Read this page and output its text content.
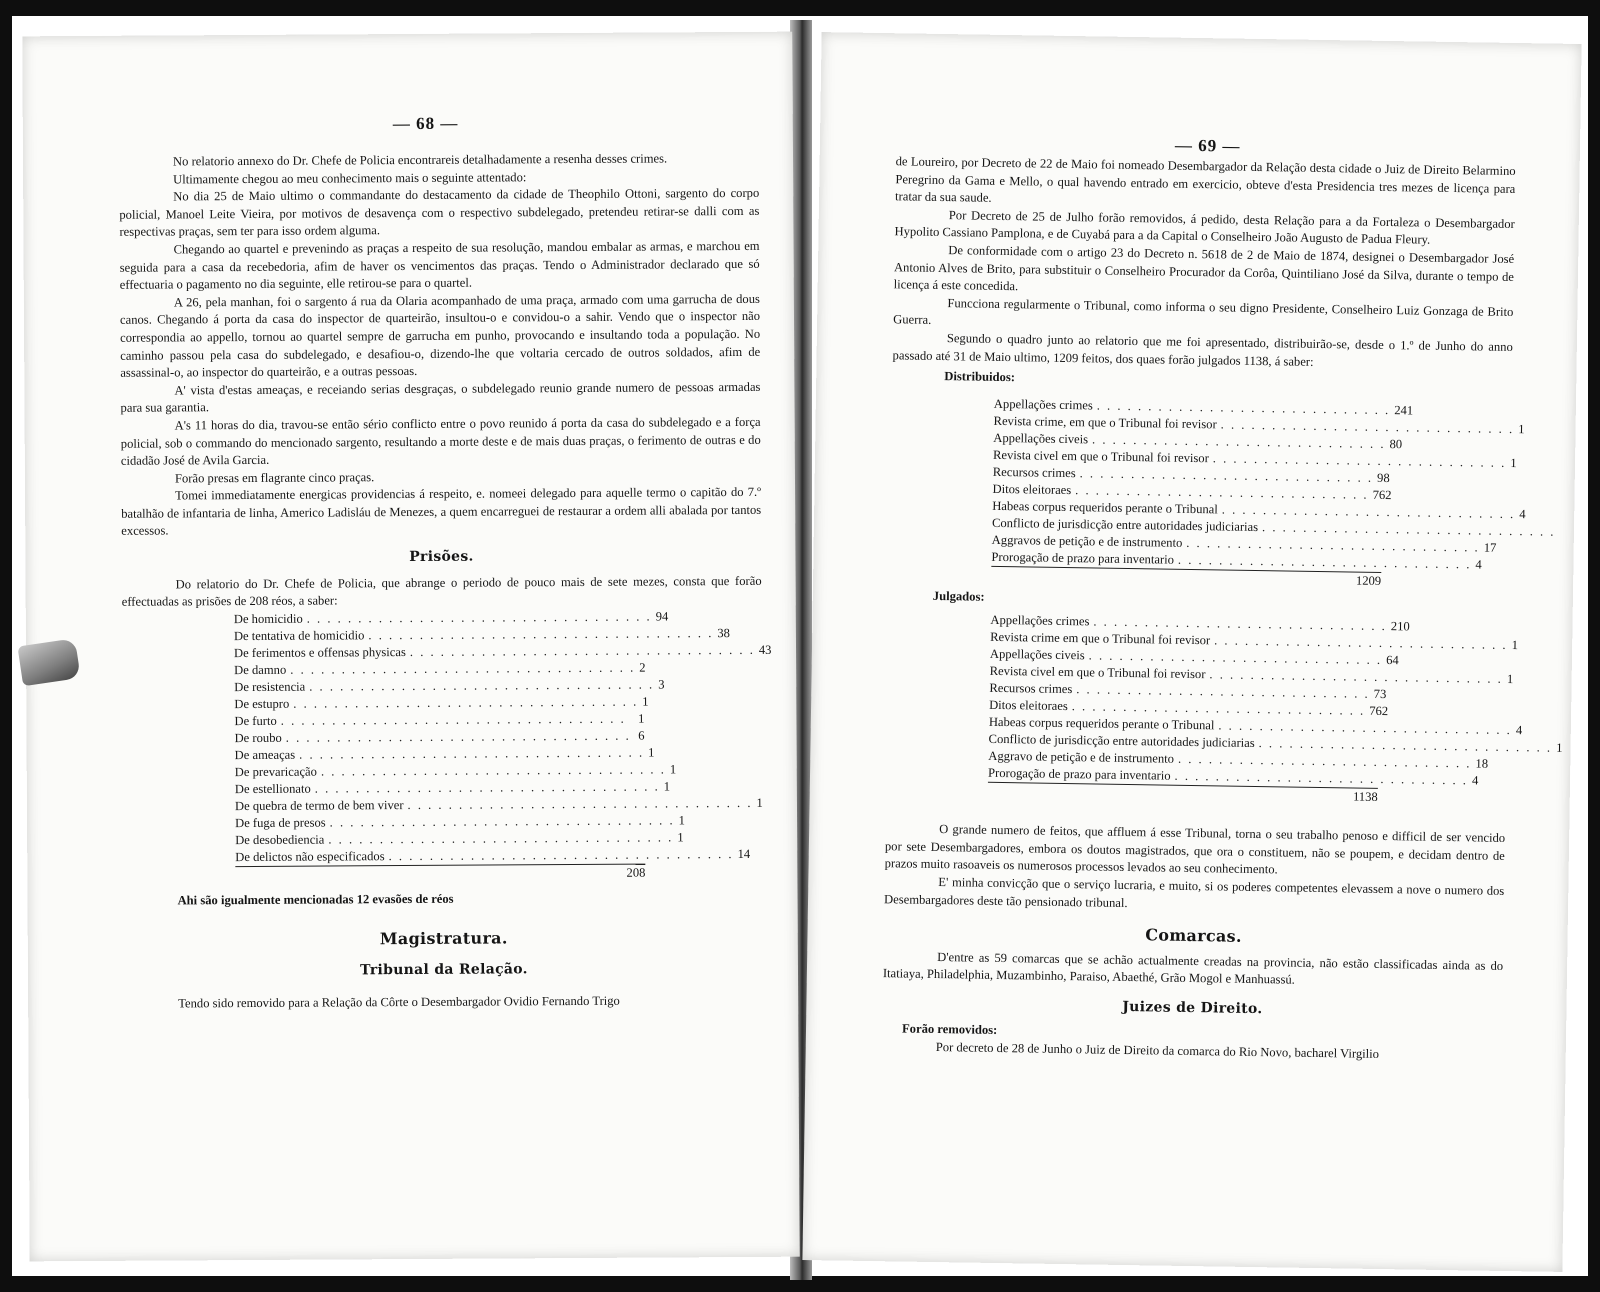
— 68 —

No relatorio annexo do Dr. Chefe de Policia encontrareis detalhadamente a resenha desses crimes.

Ultimamente chegou ao meu conhecimento mais o seguinte attentado:

No dia 25 de Maio ultimo o commandante do destacamento da cidade de Theophilo Ottoni, sargento do corpo policial, Manoel Leite Vieira, por motivos de desavença com o respectivo subdelegado, pretendeu retirar-se dalli com as respectivas praças, sem ter para isso ordem alguma.

Chegando ao quartel e prevenindo as praças a respeito de sua resolução, mandou embalar as armas, e marchou em seguida para a casa da recebedoria, afim de haver os vencimentos das praças. Tendo o Administrador declarado que só effectuaria o pagamento no dia seguinte, elle retirou-se para o quartel.

A 26, pela manhan, foi o sargento á rua da Olaria acompanhado de uma praça, armado com uma garrucha de dous canos. Chegando á porta da casa do inspector de quarteirão, insultou-o e convidou-o a sahir. Vendo que o inspector não correspondia ao appello, tornou ao quartel sempre de garrucha em punho, provocando e insultando toda a população. No caminho passou pela casa do subdelegado, e desafiou-o, dizendo-lhe que voltaria cercado de outros soldados, afim de assassinal-o, ao inspector do quarteirão, e a outras pessoas.

A' vista d'estas ameaças, e receiando serias desgraças, o subdelegado reunio grande numero de pessoas armadas para sua garantia.

A's 11 horas do dia, travou-se então sério conflicto entre o povo reunido á porta da casa do subdelegado e a força policial, sob o commando do mencionado sargento, resultando a morte deste e de mais duas praças, o ferimento de outras e do cidadão José de Avila Garcia.

Forão presas em flagrante cinco praças.

Tomei immediatamente energicas providencias á respeito, e. nomeei delegado para aquelle termo o capitão do 7.º batalhão de infantaria de linha, Americo Ladisláu de Menezes, a quem encarreguei de restaurar a ordem alli abalada por tantos excessos.

Prisões.

Do relatorio do Dr. Chefe de Policia, que abrange o periodo de pouco mais de sete mezes, consta que forão effectuadas as prisões de 208 réos, a saber:

De homicidio . . . . . . . . . . . . . . . . . . . . . . . . . . . . . . . . . . 94
De tentativa de homicidio . . . . . . . . . . . . . . . . . . . . . . . . . . . . . . . . . . 38
De ferimentos e offensas physicas . . . . . . . . . . . . . . . . . . . . . . . . . . . . . . . . . . 43
De damno . . . . . . . . . . . . . . . . . . . . . . . . . . . . . . . . . . 2
De resistencia . . . . . . . . . . . . . . . . . . . . . . . . . . . . . . . . . . 3
De estupro . . . . . . . . . . . . . . . . . . . . . . . . . . . . . . . . . . 1
De furto . . . . . . . . . . . . . . . . . . . . . . . . . . . . . . . . . . 1
De roubo . . . . . . . . . . . . . . . . . . . . . . . . . . . . . . . . . . 6
De ameaças . . . . . . . . . . . . . . . . . . . . . . . . . . . . . . . . . . 1
De prevaricação . . . . . . . . . . . . . . . . . . . . . . . . . . . . . . . . . . 1
De estellionato . . . . . . . . . . . . . . . . . . . . . . . . . . . . . . . . . . 1
De quebra de termo de bem viver . . . . . . . . . . . . . . . . . . . . . . . . . . . . . . . . . . 1
De fuga de presos . . . . . . . . . . . . . . . . . . . . . . . . . . . . . . . . . . 1
De desobediencia . . . . . . . . . . . . . . . . . . . . . . . . . . . . . . . . . . 1
De delictos não especificados . . . . . . . . . . . . . . . . . . . . . . . . . . . . . . . . . . 14
208

Ahi são igualmente mencionadas 12 evasões de réos

Magistratura.
Tribunal da Relação.

Tendo sido removido para a Relação da Côrte o Desembargador Ovidio Fernando Trigo

— 69 —

de Loureiro, por Decreto de 22 de Maio foi nomeado Desembargador da Relação desta cidade o Juiz de Direito Belarmino Peregrino da Gama e Mello, o qual havendo entrado em exercicio, obteve d'esta Presidencia tres mezes de licença para tratar da sua saude.

Por Decreto de 25 de Julho forão removidos, á pedido, desta Relação para a da Fortaleza o Desembargador Hypolito Cassiano Pamplona, e de Cuyabá para a da Capital o Conselheiro João Augusto de Padua Fleury.

De conformidade com o artigo 23 do Decreto n. 5618 de 2 de Maio de 1874, designei o Desembargador José Antonio Alves de Brito, para substituir o Conselheiro Procurador da Corôa, Quintiliano José da Silva, durante o tempo de licença á este concedida.

Funcciona regularmente o Tribunal, como informa o seu digno Presidente, Conselheiro Luiz Gonzaga de Brito Guerra.

Segundo o quadro junto ao relatorio que me foi apresentado, distribuirão-se, desde o 1.º de Junho do anno passado até 31 de Maio ultimo, 1209 feitos, dos quaes forão julgados 1138, á saber:

Distribuidos:
Appellações crimes . . . . . . . . . . . . . . . . . . . . . . . . . . . . . 241
Revista crime, em que o Tribunal foi revisor . . . . . . . . . . . . . . . . . . . . . . . . . . . . . 1
Appellações civeis . . . . . . . . . . . . . . . . . . . . . . . . . . . . . 80
Revista civel em que o Tribunal foi revisor . . . . . . . . . . . . . . . . . . . . . . . . . . . . . 1
Recursos crimes . . . . . . . . . . . . . . . . . . . . . . . . . . . . . 98
Ditos eleitoraes . . . . . . . . . . . . . . . . . . . . . . . . . . . . . 762
Habeas corpus requeridos perante o Tribunal . . . . . . . . . . . . . . . . . . . . . . . . . . . . . 4
Conflicto de jurisdicção entre autoridades judiciarias . . . . . . . . . . . . . . . . . . . . . . . . . . . . .
Aggravos de petição e de instrumento . . . . . . . . . . . . . . . . . . . . . . . . . . . . . 17
Prorogação de prazo para inventario . . . . . . . . . . . . . . . . . . . . . . . . . . . . . 4
1209
Julgados:
Appellações crimes . . . . . . . . . . . . . . . . . . . . . . . . . . . . . 210
Revista crime em que o Tribunal foi revisor . . . . . . . . . . . . . . . . . . . . . . . . . . . . . 1
Appellações civeis . . . . . . . . . . . . . . . . . . . . . . . . . . . . . 64
Revista civel em que o Tribunal foi revisor . . . . . . . . . . . . . . . . . . . . . . . . . . . . . 1
Recursos crimes . . . . . . . . . . . . . . . . . . . . . . . . . . . . . 73
Ditos eleitoraes . . . . . . . . . . . . . . . . . . . . . . . . . . . . . 762
Habeas corpus requeridos perante o Tribunal . . . . . . . . . . . . . . . . . . . . . . . . . . . . . 4
Conflicto de jurisdicção entre autoridades judiciarias . . . . . . . . . . . . . . . . . . . . . . . . . . . . . 1
Aggravo de petição e de instrumento . . . . . . . . . . . . . . . . . . . . . . . . . . . . . 18
Prorogação de prazo para inventario . . . . . . . . . . . . . . . . . . . . . . . . . . . . . 4
1138

O grande numero de feitos, que affluem á esse Tribunal, torna o seu trabalho penoso e difficil de ser vencido por sete Desembargadores, embora os doutos magistrados, que ora o constituem, não se poupem, e decidam dentro de prazos muito rasoaveis os numerosos processos levados ao seu conhecimento.

E' minha convicção que o serviço lucraria, e muito, si os poderes competentes elevassem a nove o numero dos Desembargadores deste tão pensionado tribunal.

Comarcas.

D'entre as 59 comarcas que se achão actualmente creadas na provincia, não estão classificadas ainda as do Itatiaya, Philadelphia, Muzambinho, Paraiso, Abaethé, Grão Mogol e Manhuassú.

Juizes de Direito.

Forão removidos:

Por decreto de 28 de Junho o Juiz de Direito da comarca do Rio Novo, bacharel Virgilio
